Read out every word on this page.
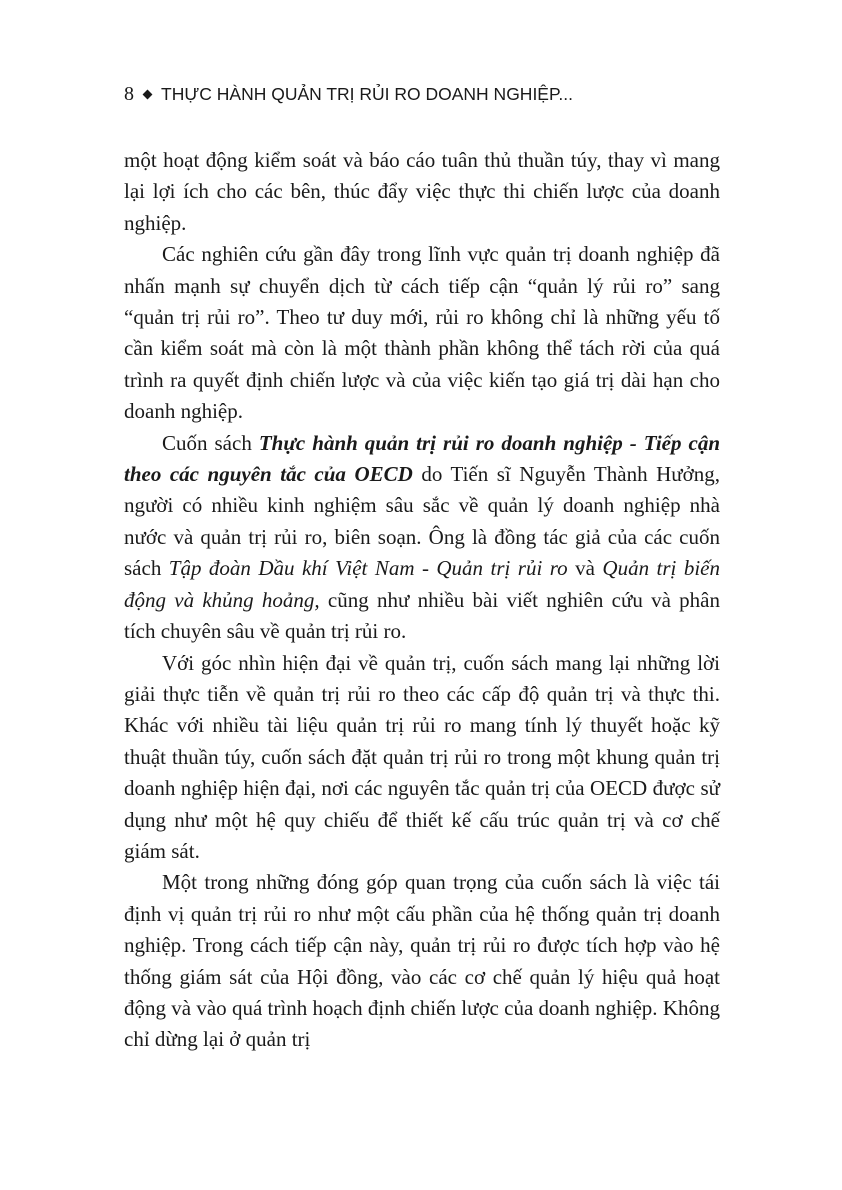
8 THỰC HÀNH QUẢN TRỊ RỦI RO DOANH NGHIỆP...

một hoạt động kiểm soát và báo cáo tuân thủ thuần túy, thay vì mang lại lợi ích cho các bên, thúc đẩy việc thực thi chiến lược của doanh nghiệp.

Các nghiên cứu gần đây trong lĩnh vực quản trị doanh nghiệp đã nhấn mạnh sự chuyển dịch từ cách tiếp cận “quản lý rủi ro” sang “quản trị rủi ro”. Theo tư duy mới, rủi ro không chỉ là những yếu tố cần kiểm soát mà còn là một thành phần không thể tách rời của quá trình ra quyết định chiến lược và của việc kiến tạo giá trị dài hạn cho doanh nghiệp.

Cuốn sách Thực hành quản trị rủi ro doanh nghiệp - Tiếp cận theo các nguyên tắc của OECD do Tiến sĩ Nguyễn Thành Hưởng, người có nhiều kinh nghiệm sâu sắc về quản lý doanh nghiệp nhà nước và quản trị rủi ro, biên soạn. Ông là đồng tác giả của các cuốn sách Tập đoàn Dầu khí Việt Nam - Quản trị rủi ro và Quản trị biến động và khủng hoảng, cũng như nhiều bài viết nghiên cứu và phân tích chuyên sâu về quản trị rủi ro.

Với góc nhìn hiện đại về quản trị, cuốn sách mang lại những lời giải thực tiễn về quản trị rủi ro theo các cấp độ quản trị và thực thi. Khác với nhiều tài liệu quản trị rủi ro mang tính lý thuyết hoặc kỹ thuật thuần túy, cuốn sách đặt quản trị rủi ro trong một khung quản trị doanh nghiệp hiện đại, nơi các nguyên tắc quản trị của OECD được sử dụng như một hệ quy chiếu để thiết kế cấu trúc quản trị và cơ chế giám sát.

Một trong những đóng góp quan trọng của cuốn sách là việc tái định vị quản trị rủi ro như một cấu phần của hệ thống quản trị doanh nghiệp. Trong cách tiếp cận này, quản trị rủi ro được tích hợp vào hệ thống giám sát của Hội đồng, vào các cơ chế quản lý hiệu quả hoạt động và vào quá trình hoạch định chiến lược của doanh nghiệp. Không chỉ dừng lại ở quản trị
